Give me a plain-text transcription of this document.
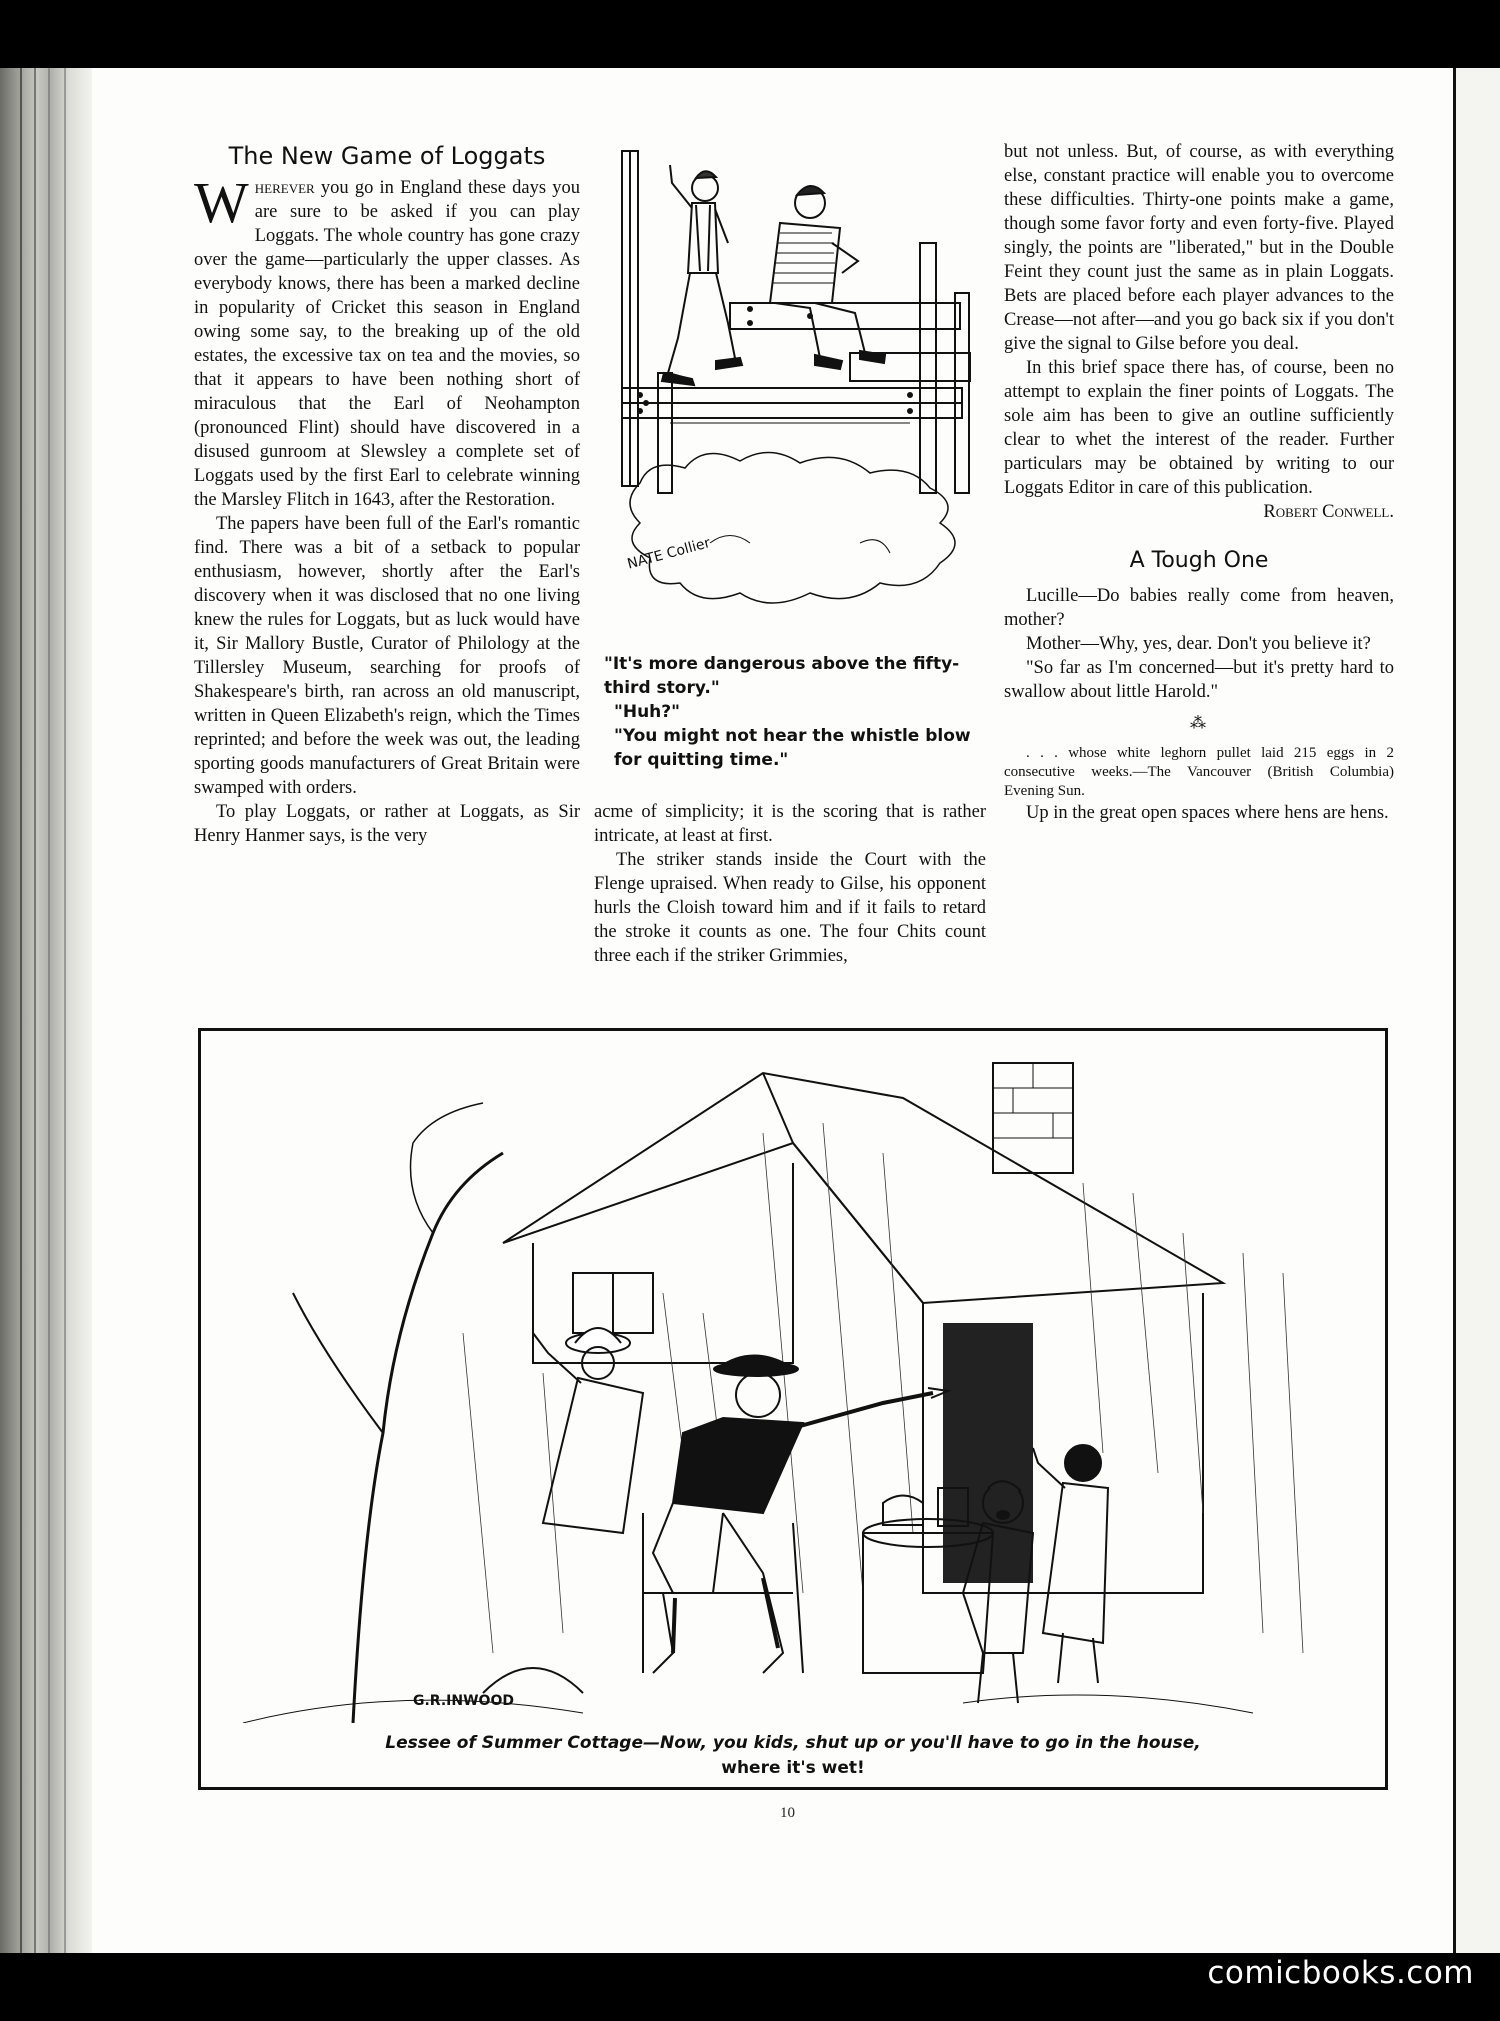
The New Game of Loggats

Wherever you go in England these days you are sure to be asked if you can play Loggats. The whole country has gone crazy over the game—particularly the upper classes. As everybody knows, there has been a marked decline in popularity of Cricket this season in England owing some say, to the breaking up of the old estates, the excessive tax on tea and the movies, so that it appears to have been nothing short of miraculous that the Earl of Neohampton (pronounced Flint) should have discovered in a disused gunroom at Slewsley a complete set of Loggats used by the first Earl to celebrate winning the Marsley Flitch in 1643, after the Restoration.

The papers have been full of the Earl's romantic find. There was a bit of a setback to popular enthusiasm, however, shortly after the Earl's discovery when it was disclosed that no one living knew the rules for Loggats, but as luck would have it, Sir Mallory Bustle, Curator of Philology at the Tillersley Museum, searching for proofs of Shakespeare's birth, ran across an old manuscript, written in Queen Elizabeth's reign, which the Times reprinted; and before the week was out, the leading sporting goods manufacturers of Great Britain were swamped with orders.

To play Loggats, or rather at Loggats, as Sir Henry Hanmer says, is the very

NATE Collier
"It's more dangerous above the fifty-third story."
"Huh?"
"You might not hear the whistle blow for quitting time."

acme of simplicity; it is the scoring that is rather intricate, at least at first.

The striker stands inside the Court with the Flenge upraised. When ready to Gilse, his opponent hurls the Cloish toward him and if it fails to retard the stroke it counts as one. The four Chits count three each if the striker Grimmies,

but not unless. But, of course, as with everything else, constant practice will enable you to overcome these difficulties. Thirty-one points make a game, though some favor forty and even forty-five. Played singly, the points are "liberated," but in the Double Feint they count just the same as in plain Loggats. Bets are placed before each player advances to the Crease—not after—and you go back six if you don't give the signal to Gilse before you deal.

In this brief space there has, of course, been no attempt to explain the finer points of Loggats. The sole aim has been to give an outline sufficiently clear to whet the interest of the reader. Further particulars may be obtained by writing to our Loggats Editor in care of this publication.
Robert Conwell.

A Tough One

Lucille—Do babies really come from heaven, mother?

Mother—Why, yes, dear. Don't you believe it?

"So far as I'm concerned—but it's pretty hard to swallow about little Harold."

⁂

. . . whose white leghorn pullet laid 215 eggs in 2 consecutive weeks.—The Vancouver (British Columbia) Evening Sun.

Up in the great open spaces where hens are hens.

G.R.INWOOD
Lessee of Summer Cottage—Now, you kids, shut up or you'll have to go in the house,
where it's wet!
10
comicbooks.com
